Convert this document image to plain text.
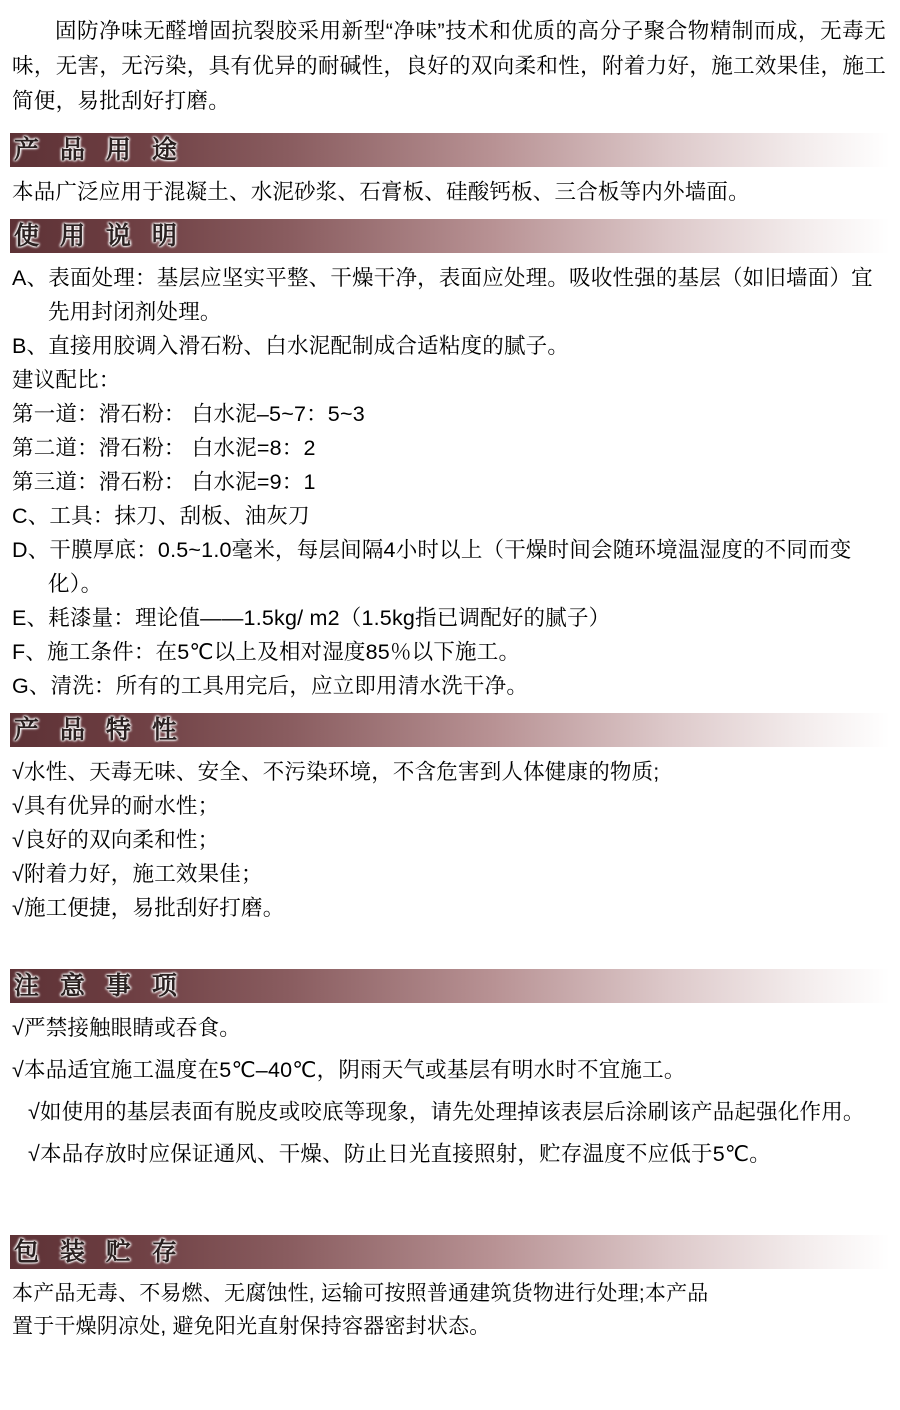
固防净味无醛增固抗裂胶采用新型“净味”技术和优质的高分子聚合物精制而成，无毒无味，无害，无污染，具有优异的耐碱性，良好的双向柔和性，附着力好，施工效果佳，施工简便，易批刮好打磨。

产 品 用 途

本品广泛应用于混凝土、水泥砂浆、石膏板、硅酸钙板、三合板等内外墙面。

使 用 说 明

A、表面处理：基层应坚实平整、干燥干净，表面应处理。吸收性强的基层（如旧墙面）宜先用封闭剂处理。

B、直接用胶调入滑石粉、白水泥配制成合适粘度的腻子。

建议配比：

第一道：滑石粉： 白水泥–5~7：5~3

第二道：滑石粉： 白水泥=8：2

第三道：滑石粉： 白水泥=9：1

C、工具：抹刀、刮板、油灰刀

D、干膜厚底：0.5~1.0毫米，每层间隔4小时以上（干燥时间会随环境温湿度的不同而变化）。

E、耗漆量：理论值——1.5kg/ m2（1.5kg指已调配好的腻子）

F、施工条件：在5℃以上及相对湿度85％以下施工。

G、清洗：所有的工具用完后，应立即用清水洗干净。

产 品 特 性

√水性、天毒无味、安全、不污染环境，不含危害到人体健康的物质;

√具有优异的耐水性；

√良好的双向柔和性；

√附着力好，施工效果佳；

√施工便捷，易批刮好打磨。

注 意 事 项

√严禁接触眼睛或吞食。

√本品适宜施工温度在5℃–40℃，阴雨天气或基层有明水时不宜施工。

√如使用的基层表面有脱皮或咬底等现象，请先处理掉该表层后涂刷该产品起强化作用。

√本品存放时应保证通风、干燥、防止日光直接照射，贮存温度不应低于5℃。

包 装 贮 存

本产品无毒、不易燃、无腐蚀性, 运输可按照普通建筑货物进行处理;本产品

置于干燥阴凉处, 避免阳光直射保持容器密封状态。
